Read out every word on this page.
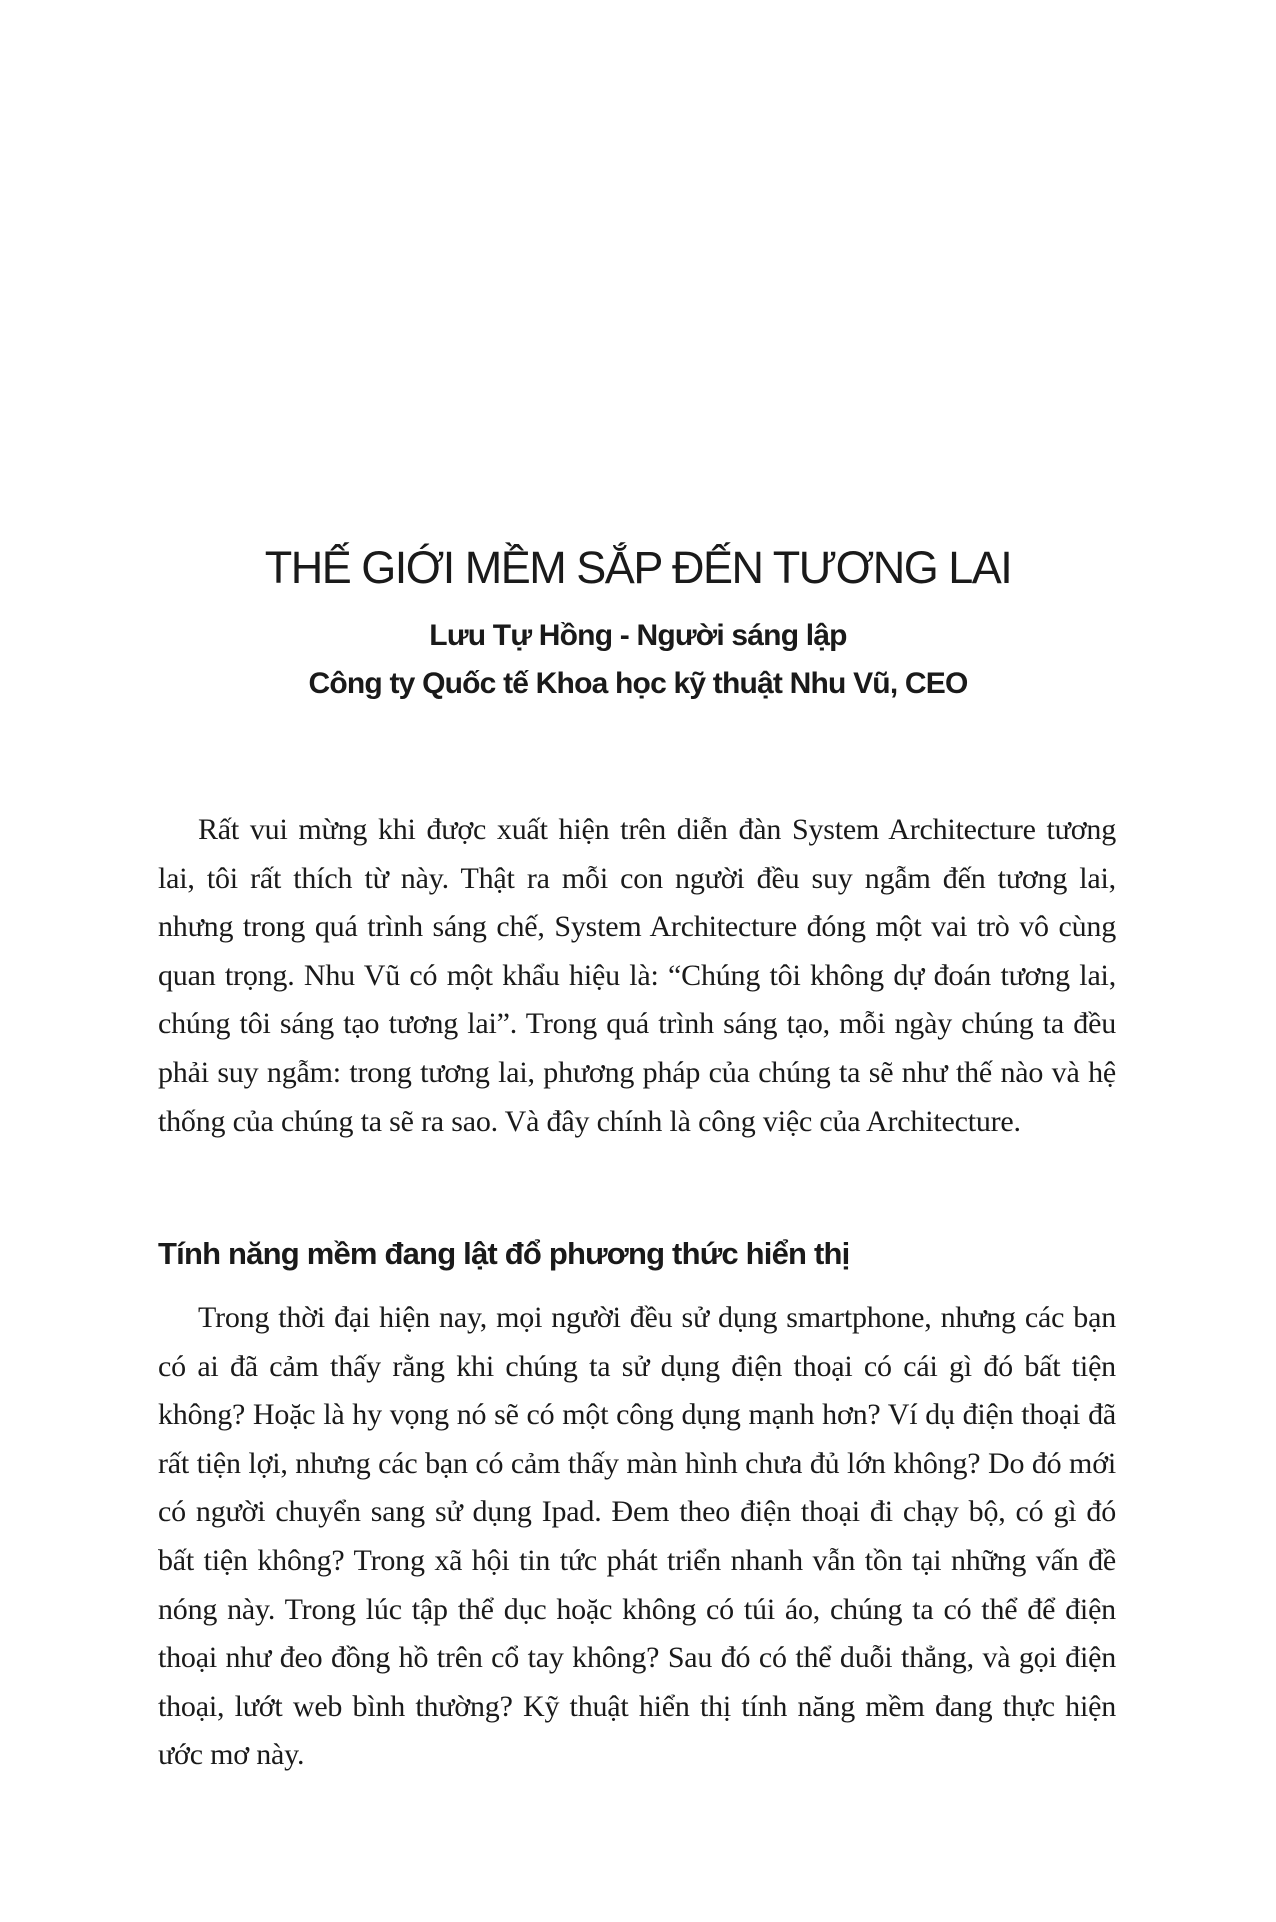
THẾ GIỚI MỀM SẮP ĐẾN TƯƠNG LAI

Lưu Tự Hồng - Người sáng lập

Công ty Quốc tế Khoa học kỹ thuật Nhu Vũ, CEO

Rất vui mừng khi được xuất hiện trên diễn đàn System Architecture tương lai, tôi rất thích từ này. Thật ra mỗi con người đều suy ngẫm đến tương lai, nhưng trong quá trình sáng chế, System Architecture đóng một vai trò vô cùng quan trọng. Nhu Vũ có một khẩu hiệu là: “Chúng tôi không dự đoán tương lai, chúng tôi sáng tạo tương lai”. Trong quá trình sáng tạo, mỗi ngày chúng ta đều phải suy ngẫm: trong tương lai, phương pháp của chúng ta sẽ như thế nào và hệ thống của chúng ta sẽ ra sao. Và đây chính là công việc của Architecture.

Tính năng mềm đang lật đổ phương thức hiển thị

Trong thời đại hiện nay, mọi người đều sử dụng smartphone, nhưng các bạn có ai đã cảm thấy rằng khi chúng ta sử dụng điện thoại có cái gì đó bất tiện không? Hoặc là hy vọng nó sẽ có một công dụng mạnh hơn? Ví dụ điện thoại đã rất tiện lợi, nhưng các bạn có cảm thấy màn hình chưa đủ lớn không? Do đó mới có người chuyển sang sử dụng Ipad. Đem theo điện thoại đi chạy bộ, có gì đó bất tiện không? Trong xã hội tin tức phát triển nhanh vẫn tồn tại những vấn đề nóng này. Trong lúc tập thể dục hoặc không có túi áo, chúng ta có thể để điện thoại như đeo đồng hồ trên cổ tay không? Sau đó có thể duỗi thẳng, và gọi điện thoại, lướt web bình thường? Kỹ thuật hiển thị tính năng mềm đang thực hiện ước mơ này.
